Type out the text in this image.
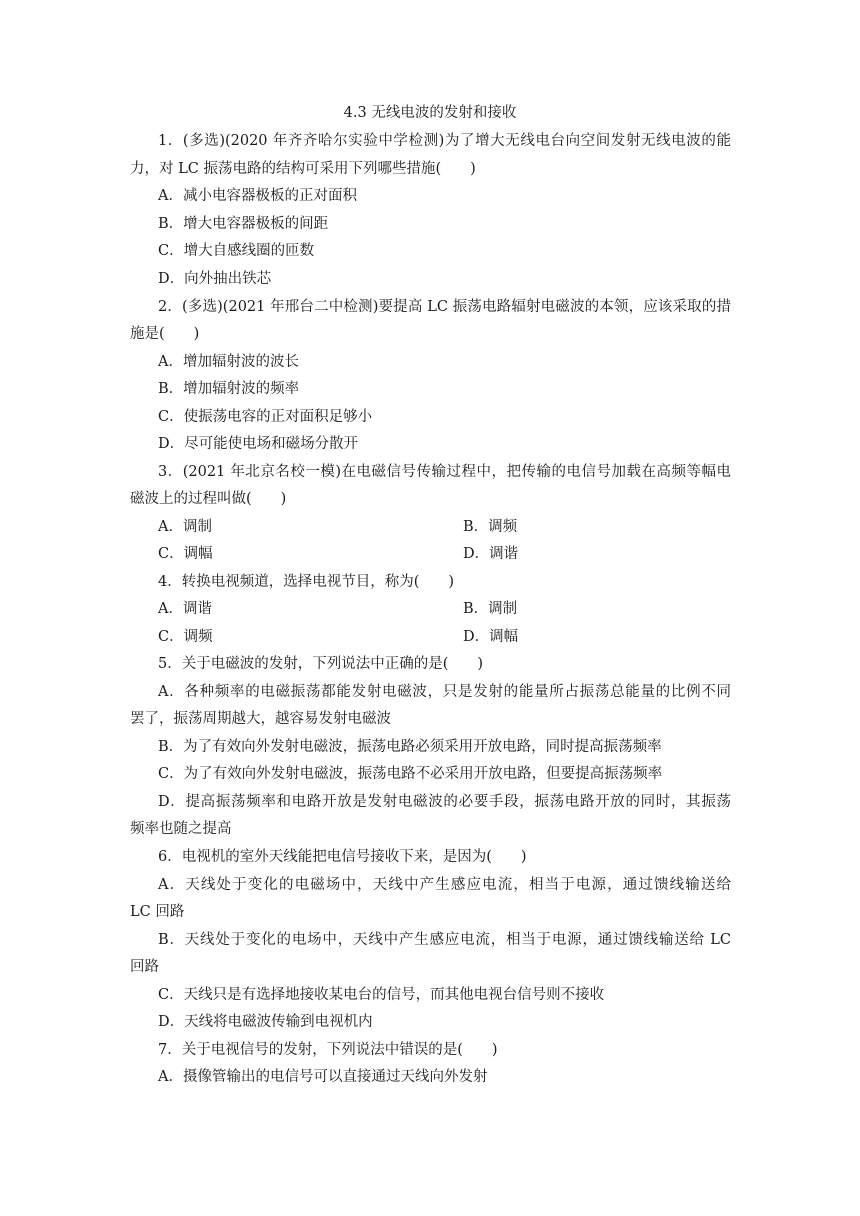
4.3 无线电波的发射和接收
1．(多选)(2020 年齐齐哈尔实验中学检测)为了增大无线电台向空间发射无线电波的能
力，对 LC 振荡电路的结构可采用下列哪些措施(　　)
A．减小电容器极板的正对面积
B．增大电容器极板的间距
C．增大自感线圈的匝数
D．向外抽出铁芯
2．(多选)(2021 年邢台二中检测)要提高 LC 振荡电路辐射电磁波的本领，应该采取的措
施是(　　)
A．增加辐射波的波长
B．增加辐射波的频率
C．使振荡电容的正对面积足够小
D．尽可能使电场和磁场分散开
3．(2021 年北京名校一模)在电磁信号传输过程中，把传输的电信号加载在高频等幅电
磁波上的过程叫做(　　)
A．调制	B．调频
C．调幅	D．调谐
4．转换电视频道，选择电视节目，称为(　　)
A．调谐	B．调制
C．调频	D．调幅
5．关于电磁波的发射，下列说法中正确的是(　　)
A．各种频率的电磁振荡都能发射电磁波，只是发射的能量所占振荡总能量的比例不同
罢了，振荡周期越大，越容易发射电磁波
B．为了有效向外发射电磁波，振荡电路必须采用开放电路，同时提高振荡频率
C．为了有效向外发射电磁波，振荡电路不必采用开放电路，但要提高振荡频率
D．提高振荡频率和电路开放是发射电磁波的必要手段，振荡电路开放的同时，其振荡
频率也随之提高
6．电视机的室外天线能把电信号接收下来，是因为(　　)
A．天线处于变化的电磁场中，天线中产生感应电流，相当于电源，通过馈线输送给
LC 回路
B．天线处于变化的电场中，天线中产生感应电流，相当于电源，通过馈线输送给 LC
回路
C．天线只是有选择地接收某电台的信号，而其他电视台信号则不接收
D．天线将电磁波传输到电视机内
7．关于电视信号的发射，下列说法中错误的是(　　)
A．摄像管输出的电信号可以直接通过天线向外发射
